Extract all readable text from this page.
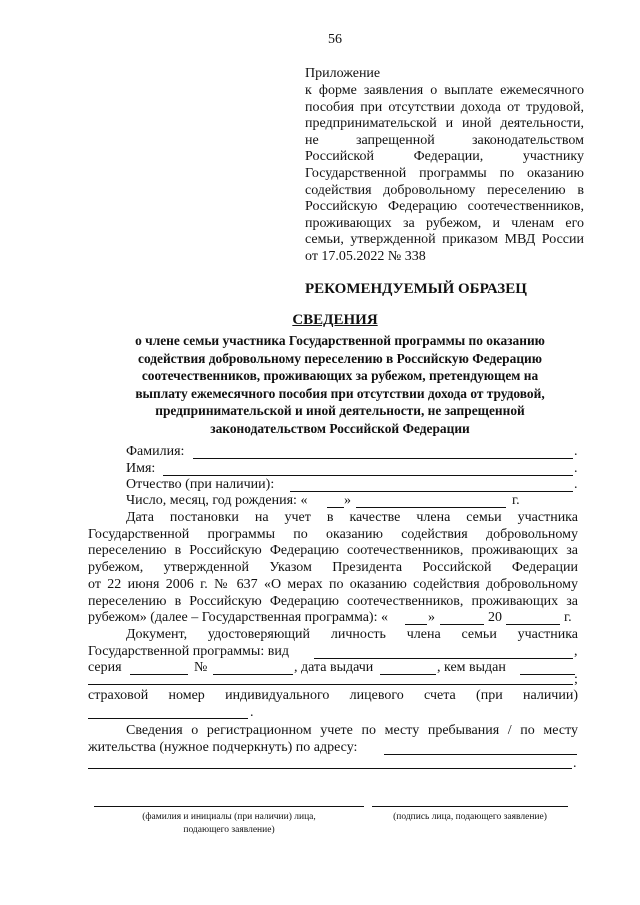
56
Приложение
к форме заявления о выплате ежемесячного
пособия при отсутствии дохода от трудовой,
предпринимательской и иной деятельности,
не запрещенной законодательством
Российской Федерации, участнику
Государственной программы по оказанию
содействия добровольному переселению в
Российскую Федерацию соотечественников,
проживающих за рубежом, и членам его
семьи, утвержденной приказом МВД России
от 17.05.2022 № 338
РЕКОМЕНДУЕМЫЙ ОБРАЗЕЦ
СВЕДЕНИЯ
о члене семьи участника Государственной программы по оказанию
содействия добровольному переселению в Российскую Федерацию
соотечественников, проживающих за рубежом, претендующем на
выплату ежемесячного пособия при отсутствии дохода от трудовой,
предпринимательской и иной деятельности, не запрещенной
законодательством Российской Федерации
Фамилия:	.
Имя:	.
Отчество (при наличии):	.
Число, месяц, год рождения: «	»	г.
Дата постановки на учет в качестве члена семьи участника
Государственной программы по оказанию содействия добровольному
переселению в Российскую Федерацию соотечественников, проживающих за
рубежом, утвержденной Указом Президента Российской Федерации
от 22 июня 2006 г. № 637 «О мерах по оказанию содействия добровольному
переселению в Российскую Федерацию соотечественников, проживающих за
рубежом» (далее – Государственная программа): «	»	20	г.
Документ, удостоверяющий личность члена семьи участника
Государственной программы: вид	,
серия	№	, дата выдачи	, кем выдан
;
страховой номер индивидуального лицевого счета (при наличии)
.
Сведения о регистрационном учете по месту пребывания / по месту
жительства (нужное подчеркнуть) по адресу:
.
(фамилия и инициалы (при наличии) лица,
подающего заявление)
(подпись лица, подающего заявление)
